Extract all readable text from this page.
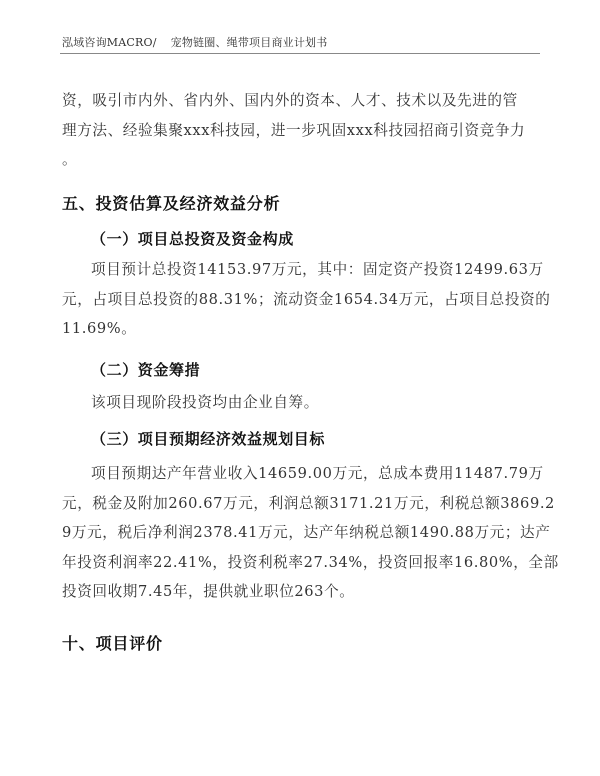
泓域咨询MACRO/ 宠物链圈、绳带项目商业计划书
资，吸引市内外、省内外、国内外的资本、人才、技术以及先进的管
理方法、经验集聚xxx科技园，进一步巩固xxx科技园招商引资竞争力
。
五、投资估算及经济效益分析
（一）项目总投资及资金构成
项目预计总投资14153.97万元，其中：固定资产投资12499.63万
元，占项目总投资的88.31%；流动资金1654.34万元，占项目总投资的
11.69%。
（二）资金筹措
该项目现阶段投资均由企业自筹。
（三）项目预期经济效益规划目标
项目预期达产年营业收入14659.00万元，总成本费用11487.79万
元，税金及附加260.67万元，利润总额3171.21万元，利税总额3869.2
9万元，税后净利润2378.41万元，达产年纳税总额1490.88万元；达产
年投资利润率22.41%，投资利税率27.34%，投资回报率16.80%，全部
投资回收期7.45年，提供就业职位263个。
十、项目评价
